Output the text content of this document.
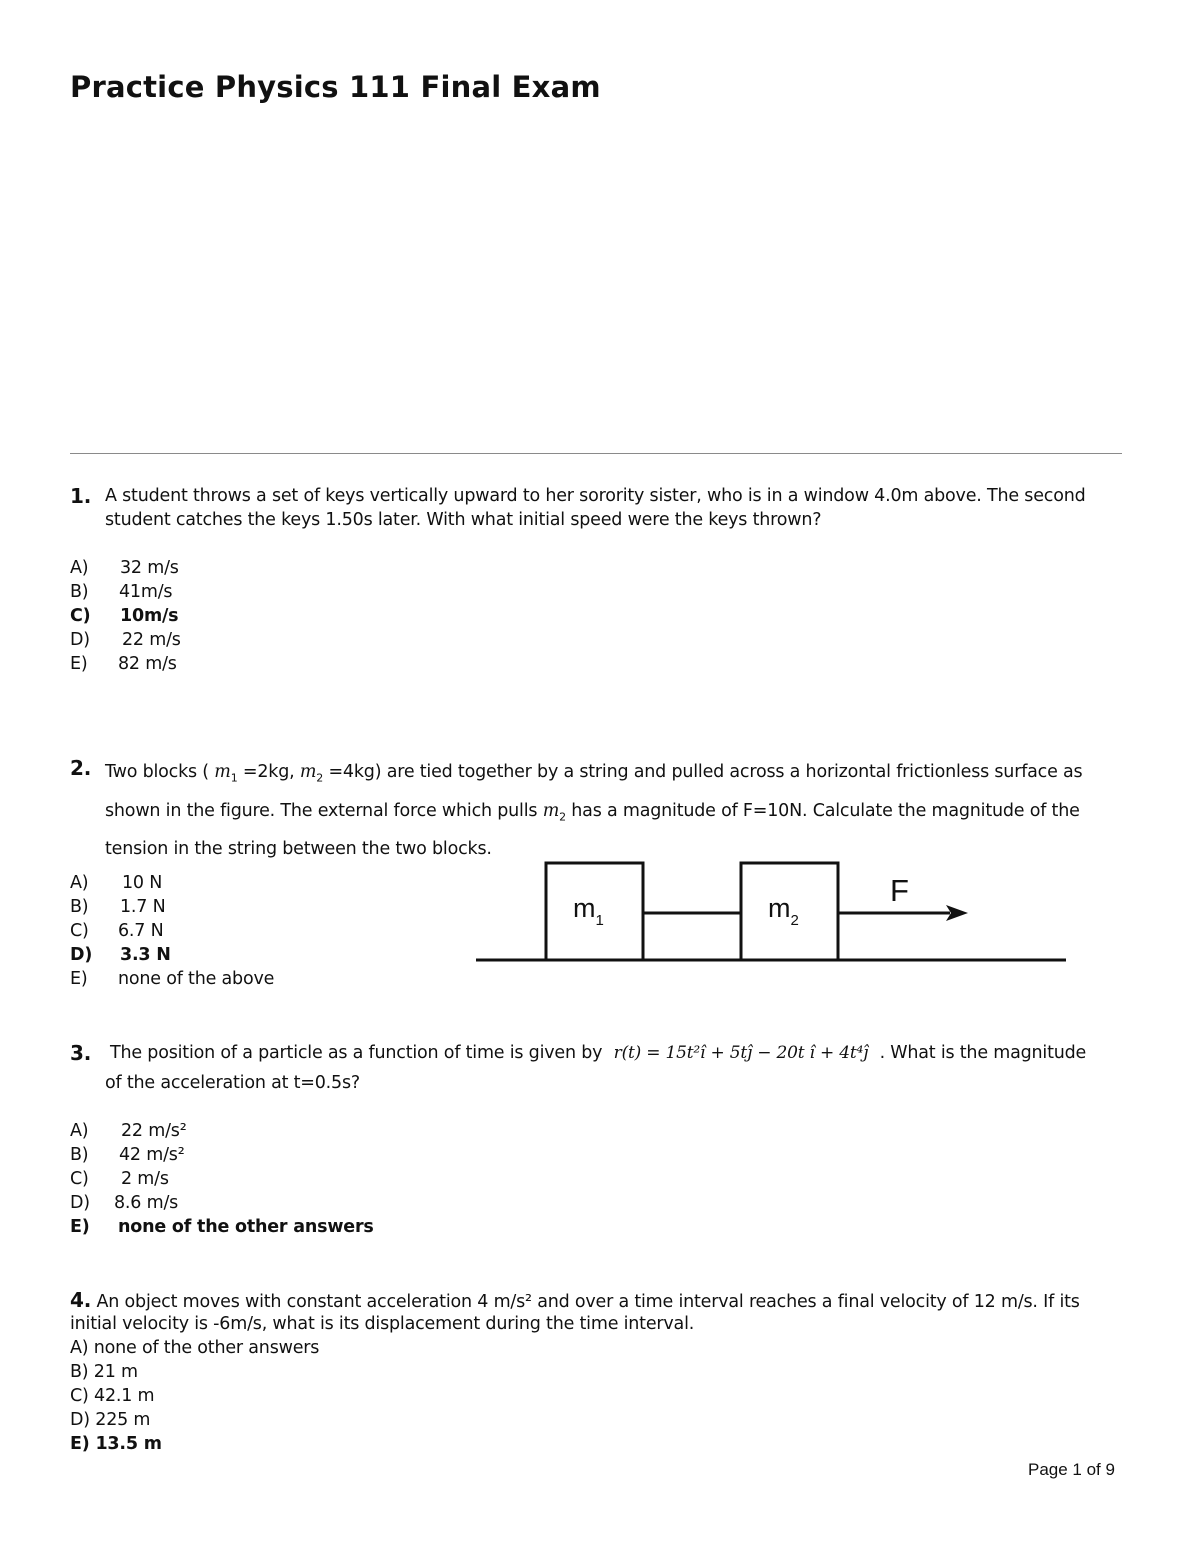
Practice Physics 111 Final Exam
1. A student throws a set of keys vertically upward to her sorority sister, who is in a window 4.0m above. The second student catches the keys 1.50s later. With what initial speed were the keys thrown?
A) 32 m/s
B) 41m/s
C) 10m/s
D) 22 m/s
E) 82 m/s
2. Two blocks ( $m_1 =2kg$, $m_2 =4kg$) are tied together by a string and pulled across a horizontal frictionless surface as
shown in the figure. The external force which pulls $m_2$ has a magnitude of F=10N. Calculate the magnitude of the
tension in the string between the two blocks.
A) 10 N
B) 1.7 N
C) 6.7 N
D) 3.3 N
E) none of the above
$m_1$	$m_2$
F
3. The position of a particle as a function of time is given by r(t) = 15t²î + 5tĵ − 20t î + 4t⁴ĵ . What is the magnitude
of the acceleration at t=0.5s?
A) 22 m/s²
B) 42 m/s²
C) 2 m/s
D) 8.6 m/s
E) none of the other answers
4. An object moves with constant acceleration 4 m/s² and over a time interval reaches a final velocity of 12 m/s. If its
initial velocity is -6m/s, what is its displacement during the time interval.
A) none of the other answers
B) 21 m
C) 42.1 m
D) 225 m
E) 13.5 m
Page 1 of 9
